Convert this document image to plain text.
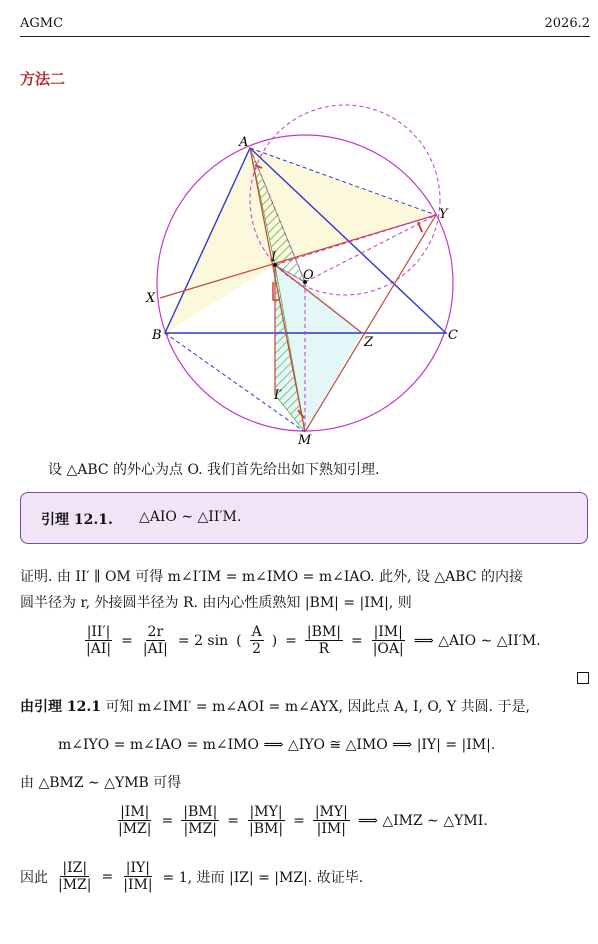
AGMC	2026.2
方法二
A
B	C
X
Y
I
O
Z
M
I′
设 △ABC 的外心为点 O. 我们首先给出如下熟知引理.
引理 12.1. △AIO ∼ △II′M.
证明. 由 II′ ∥ OM 可得 m∠I′IM = m∠IMO = m∠IAO. 此外, 设 △ABC 的内接
圆半径为 r, 外接圆半径为 R. 由内心性质熟知 |BM| = |IM|, 则
$\frac{|II'|}{|AI|} = \frac{2r}{|AI|} = 2$ sin ( $\frac{A}{2}$ ) = $\frac{|BM|}{R} = \frac{|IM|}{|OA|}$ ⟹ △AIO ∼ △II′M.
由引理 12.1 可知 m∠IMI′ = m∠AOI = m∠AYX, 因此点 A, I, O, Y 共圆. 于是,
m∠IYO = m∠IAO = m∠IMO ⟹ △IYO ≅ △IMO ⟹ |IY| = |IM|.
由 △BMZ ∼ △YMB 可得
$\frac{|IM|}{|MZ|} = \frac{|BM|}{|MZ|} = \frac{|MY|}{|BM|} = \frac{|MY|}{|IM|}$ ⟹ △IMZ ∼ △YMI.
因此 $\frac{|IZ|}{|MZ|} = \frac{|IY|}{|IM|} = 1$, 进而 |IZ| = |MZ|. 故证毕.
